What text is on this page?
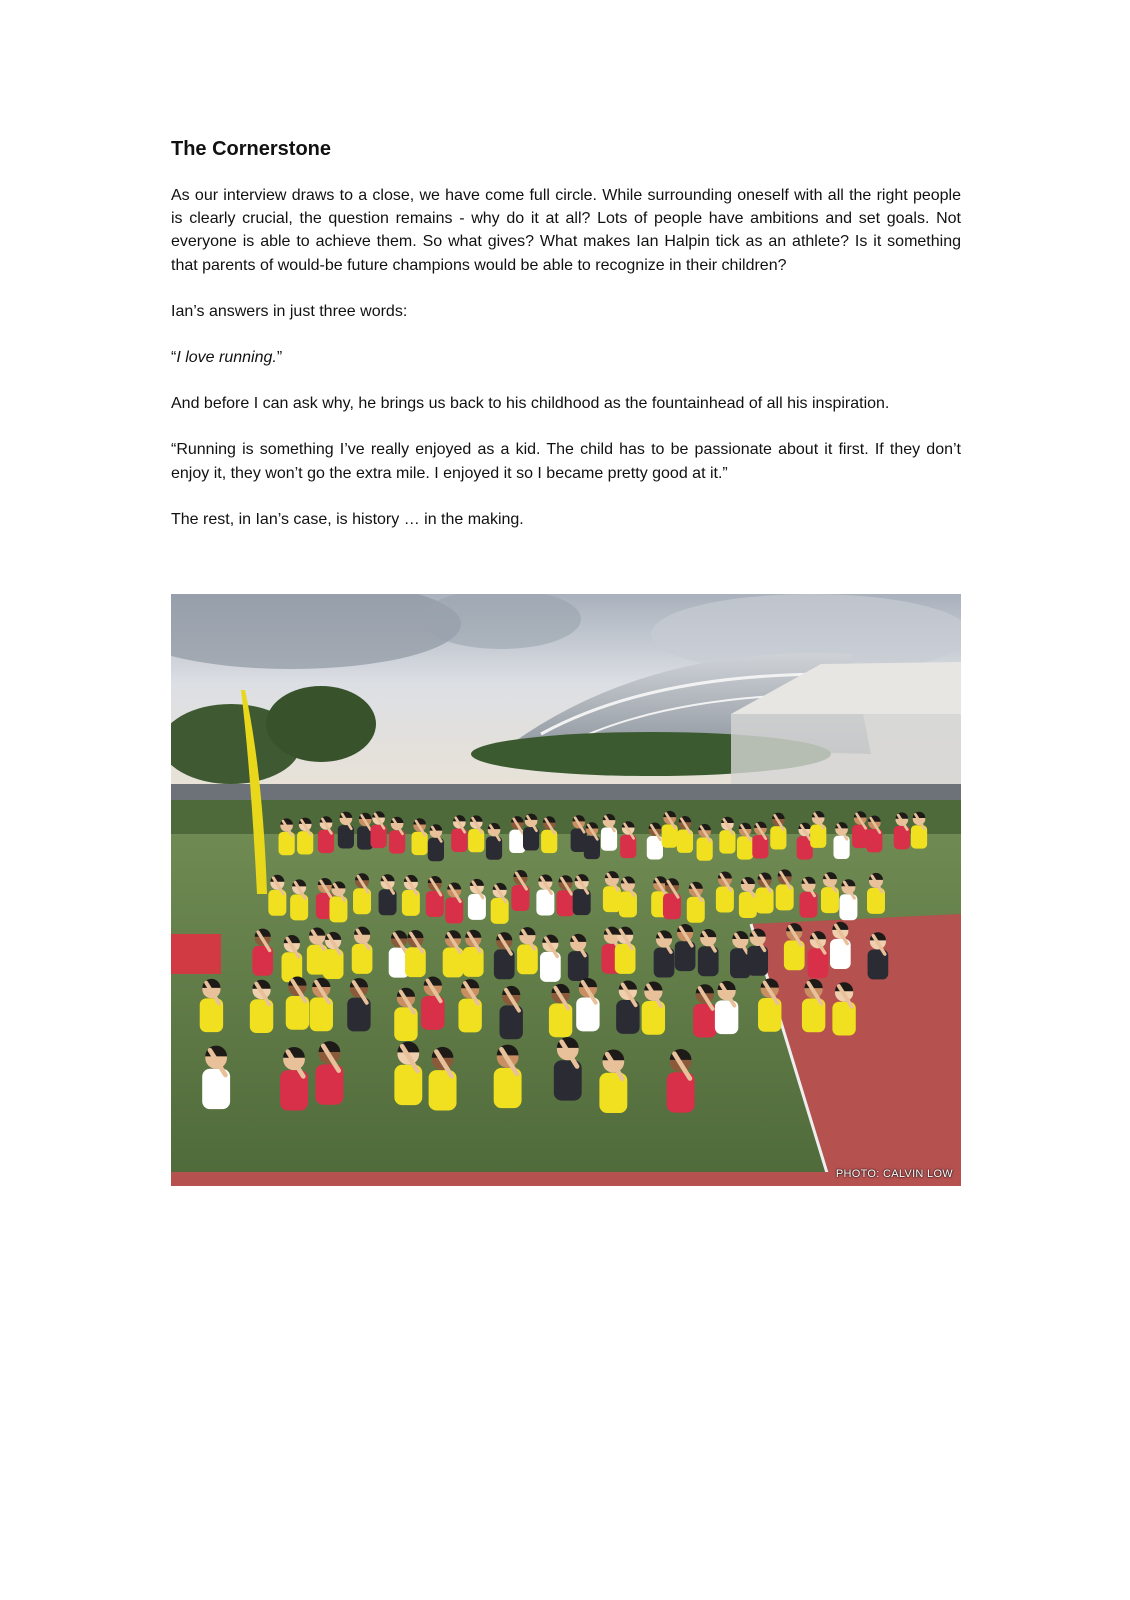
The Cornerstone

As our interview draws to a close, we have come full circle. While surrounding oneself with all the right people is clearly crucial, the question remains - why do it at all? Lots of people have ambitions and set goals. Not everyone is able to achieve them. So what gives? What makes Ian Halpin tick as an athlete? Is it something that parents of would-be future champions would be able to recognize in their children?

Ian’s answers in just three words:

“I love running.”

And before I can ask why, he brings us back to his childhood as the fountainhead of all his inspiration.

“Running is something I’ve really enjoyed as a kid. The child has to be passionate about it first. If they don’t enjoy it, they won’t go the extra mile. I enjoyed it so I became pretty good at it.”

The rest, in Ian’s case, is history … in the making.

PHOTO: CALVIN LOW
